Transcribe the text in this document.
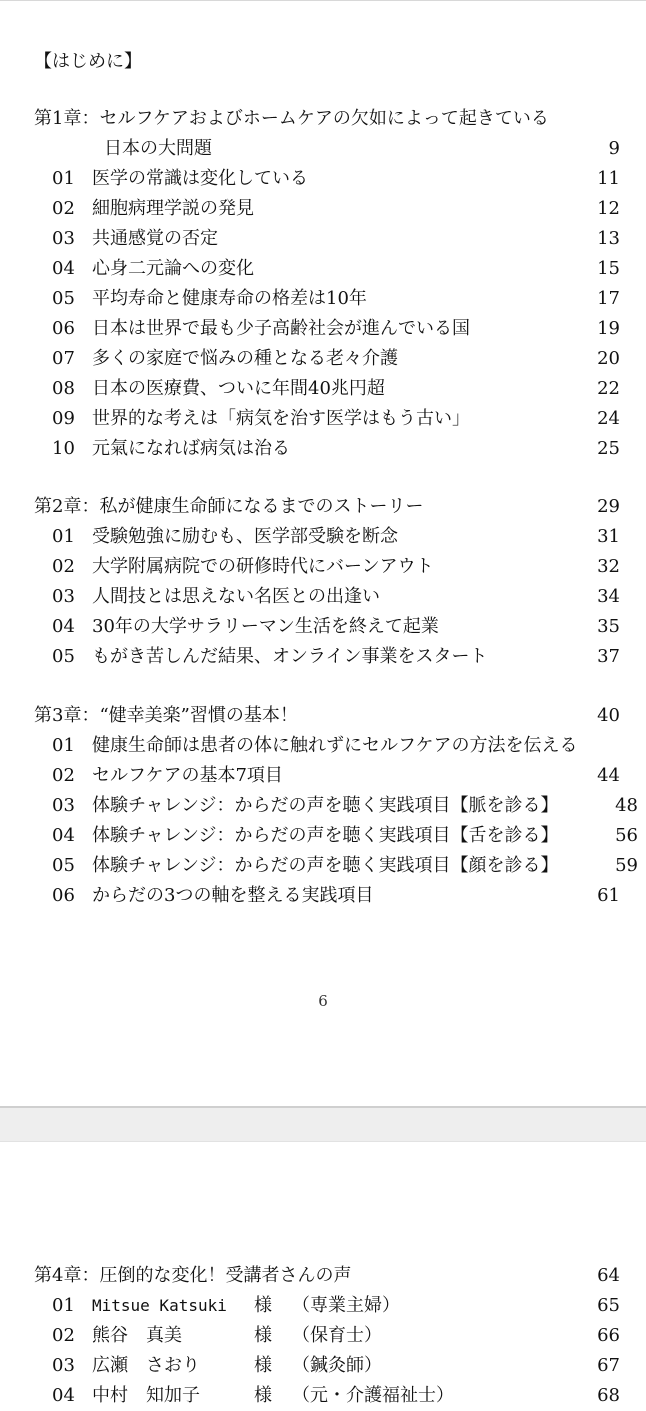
【はじめに】
第1章：セルフケアおよびホームケアの欠如によって起きている
日本の大問題	9
01 医学の常識は変化している	11
02 細胞病理学説の発見	12
03 共通感覚の否定	13
04 心身二元論への変化	15
05 平均寿命と健康寿命の格差は10年	17
06 日本は世界で最も少子高齢社会が進んでいる国	19
07 多くの家庭で悩みの種となる老々介護	20
08 日本の医療費、ついに年間40兆円超	22
09 世界的な考えは「病気を治す医学はもう古い」	24
10 元氣になれば病気は治る	25
第2章：私が健康生命師になるまでのストーリー	29
01 受験勉強に励むも、医学部受験を断念	31
02 大学附属病院での研修時代にバーンアウト	32
03 人間技とは思えない名医との出逢い	34
04 30年の大学サラリーマン生活を終えて起業	35
05 もがき苦しんだ結果、オンライン事業をスタート	37
第3章：“健幸美楽”習慣の基本！	40
01 健康生命師は患者の体に触れずにセルフケアの方法を伝える
02 セルフケアの基本7項目	44
03 体験チャレンジ：からだの声を聴く実践項目【脈を診る】	48
04 体験チャレンジ：からだの声を聴く実践項目【舌を診る】	56
05 体験チャレンジ：からだの声を聴く実践項目【顔を診る】	59
06 からだの3つの軸を整える実践項目	61
6
第4章：圧倒的な変化！受講者さんの声	64
01 Mitsue Katsuki 様 （専業主婦）	65
02 熊谷　真美	様 （保育士）	66
03 広瀬　さおり	様 （鍼灸師）	67
04 中村　知加子	様 （元・介護福祉士）	68
